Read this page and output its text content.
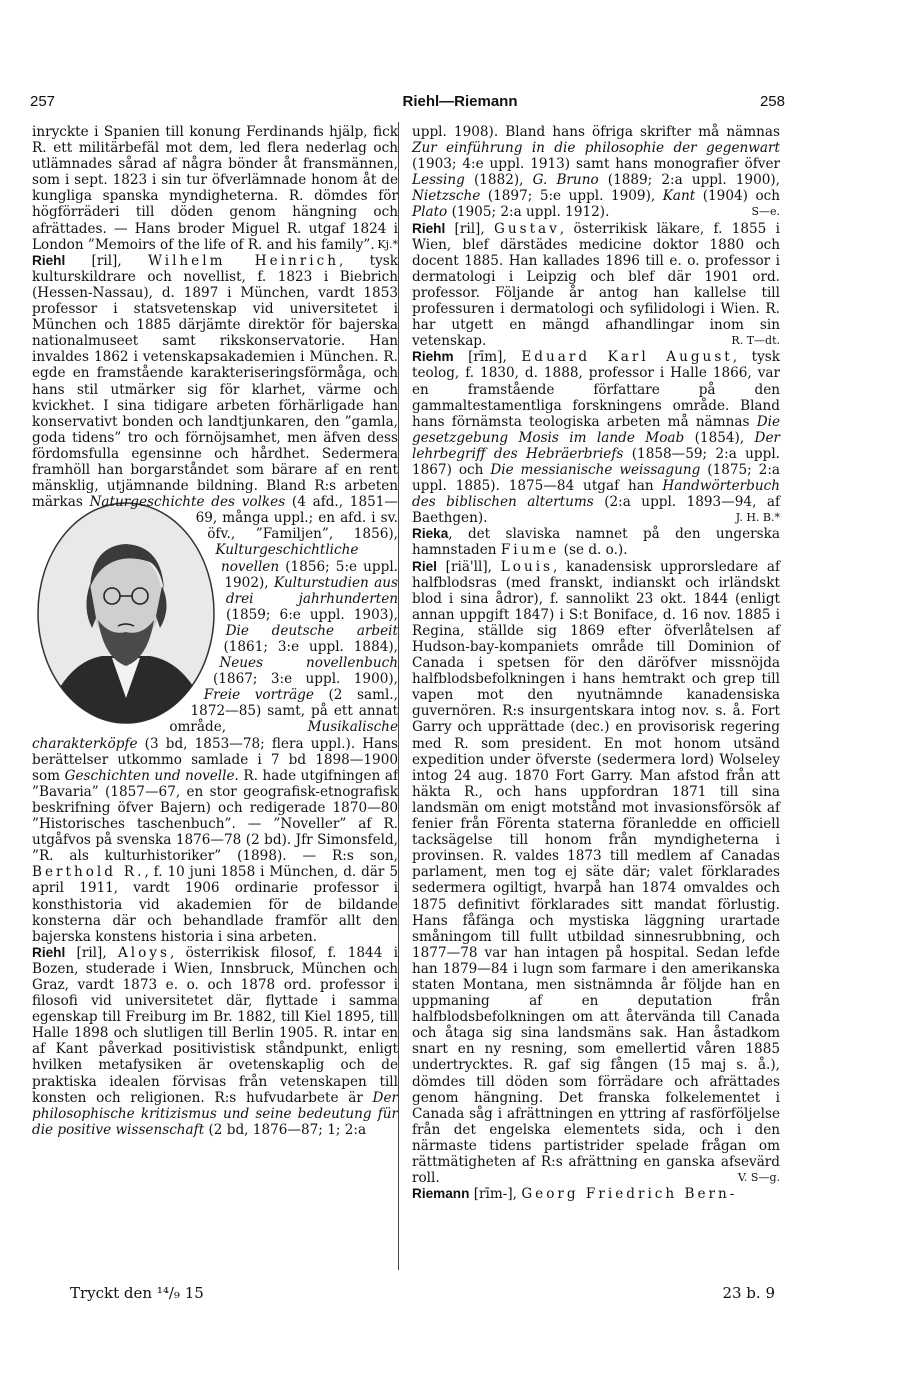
257	Riehl—Riemann	258

inryckte i Spanien till konung Ferdinands hjälp, fick R. ett militärbefäl mot dem, led flera nederlag och utlämnades sårad af några bönder åt fransmännen, som i sept. 1823 i sin tur öfverlämnade honom åt de kungliga spanska myndigheterna. R. dömdes för högförräderi till döden genom hängning och afrättades. — Hans broder Miguel R. utgaf 1824 i London ”Memoirs of the life of R. and his family”. Kj.*

Riehl [ril], Wilhelm Heinrich, tysk kulturskildrare och novellist, f. 1823 i Biebrich (Hessen-Nassau), d. 1897 i München, vardt 1853 professor i statsvetenskap vid universitetet i München och 1885 därjämte direktör för bajerska nationalmuseet samt rikskonservatorie. Han invaldes 1862 i vetenskapsakademien i München. R. egde en framstående karakteriseringsförmåga, och hans stil utmärker sig för klarhet, värme och kvickhet. I sina tidigare arbeten förhärligade han konservativt bonden och landtjunkaren, den ”gamla, goda tidens” tro och förnöjsamhet, men äfven dess fördomsfulla egensinne och hårdhet. Sedermera framhöll han borgarståndet som bärare af en rent mänsklig, utjämnande bildning. Bland R:s arbeten märkas
Naturgeschichte des volkes (4 afd., 1851—69, många uppl.; en afd. i sv. öfv., ”Familjen”, 1856), Kulturgeschichtliche novellen (1856; 5:e uppl. 1902), Kulturstudien aus drei jahrhunderten (1859; 6:e uppl. 1903), Die deutsche arbeit (1861; 3:e uppl. 1884), Neues novellenbuch (1867; 3:e uppl. 1900), Freie vorträge (2 saml., 1872—85) samt, på ett annat område, Musikalische charakterköpfe (3 bd, 1853—78; flera uppl.). Hans berättelser utkommo samlade i 7 bd 1898—1900 som Geschichten und novelle. R. hade utgifningen af ”Bavaria” (1857—67, en stor geografisk-etnografisk beskrifning öfver Bajern) och redigerade 1870—80 ”Historisches taschenbuch”. — ”Noveller” af R. utgåfvos på svenska 1876—78 (2 bd). Jfr Simonsfeld, ”R. als kulturhistoriker” (1898). — R:s son, Berthold R., f. 10 juni 1858 i München, d. där 5 april 1911, vardt 1906 ordinarie professor i konsthistoria vid akademien för de bildande konsterna där och behandlade framför allt den bajerska konstens historia i sina arbeten.

Riehl [ril], Aloys, österrikisk filosof, f. 1844 i Bozen, studerade i Wien, Innsbruck, München och Graz, vardt 1873 e. o. och 1878 ord. professor i filosofi vid universitetet där, flyttade i samma egenskap till Freiburg im Br. 1882, till Kiel 1895, till Halle 1898 och slutligen till Berlin 1905. R. intar en af Kant påverkad positivistisk ståndpunkt, enligt hvilken metafysiken är ovetenskaplig och de praktiska idealen förvisas från vetenskapen till konsten och religionen. R:s hufvudarbete är Der philosophische kritizismus und seine bedeutung für die positive wissenschaft (2 bd, 1876—87; 1; 2:a

uppl. 1908). Bland hans öfriga skrifter må nämnas Zur einführung in die philosophie der gegenwart (1903; 4:e uppl. 1913) samt hans monografier öfver Lessing (1882), G. Bruno (1889; 2:a uppl. 1900), Nietzsche (1897; 5:e uppl. 1909), Kant (1904) och Plato (1905; 2:a uppl. 1912).	S—e.

Riehl [ril], Gustav, österrikisk läkare, f. 1855 i Wien, blef därstädes medicine doktor 1880 och docent 1885. Han kallades 1896 till e. o. professor i dermatologi i Leipzig och blef där 1901 ord. professor. Följande år antog han kallelse till professuren i dermatologi och syfilidologi i Wien. R. har utgett en mängd afhandlingar inom sin vetenskap.	R. T—dt.

Riehm [rīm], Eduard Karl August, tysk teolog, f. 1830, d. 1888, professor i Halle 1866, var en framstående författare på den gammaltestamentliga forskningens område. Bland hans förnämsta teologiska arbeten må nämnas Die gesetzgebung Mosis im lande Moab (1854), Der lehrbegriff des Hebräerbriefs (1858—59; 2:a uppl. 1867) och Die messianische weissagung (1875; 2:a uppl. 1885). 1875—84 utgaf han Handwörterbuch des biblischen altertums (2:a uppl. 1893—94, af Baethgen).	J. H. B.*

Rieka, det slaviska namnet på den ungerska hamnstaden Fiume (se d. o.).

Riel [riä'll], Louis, kanadensisk upprorsledare af halfblodsras (med franskt, indianskt och irländskt blod i sina ådror), f. sannolikt 23 okt. 1844 (enligt annan uppgift 1847) i S:t Boniface, d. 16 nov. 1885 i Regina, ställde sig 1869 efter öfverlåtelsen af Hudson-bay-kompaniets område till Dominion of Canada i spetsen för den däröfver missnöjda halfblodsbefolkningen i hans hemtrakt och grep till vapen mot den nyutnämnde kanadensiska guvernören. R:s insurgentskara intog nov. s. å. Fort Garry och upprättade (dec.) en provisorisk regering med R. som president. En mot honom utsänd expedition under öfverste (sedermera lord) Wolseley intog 24 aug. 1870 Fort Garry. Man afstod från att häkta R., och hans uppfordran 1871 till sina landsmän om enigt motstånd mot invasionsförsök af fenier från Förenta staterna föranledde en officiell tacksägelse till honom från myndigheterna i provinsen. R. valdes 1873 till medlem af Canadas parlament, men tog ej säte där; valet förklarades sedermera ogiltigt, hvarpå han 1874 omvaldes och 1875 definitivt förklarades sitt mandat förlustig. Hans fåfänga och mystiska läggning urartade småningom till fullt utbildad sinnesrubbning, och 1877—78 var han intagen på hospital. Sedan lefde han 1879—84 i lugn som farmare i den amerikanska staten Montana, men sistnämnda år följde han en uppmaning af en deputation från halfblodsbefolkningen om att återvända till Canada och åtaga sig sina landsmäns sak. Han åstadkom snart en ny resning, som emellertid våren 1885 undertrycktes. R. gaf sig fången (15 maj s. å.), dömdes till döden som förrädare och afrättades genom hängning. Det franska folkelementet i Canada såg i afrättningen en yttring af rasförföljelse från det engelska elementets sida, och i den närmaste tidens partistrider spelade frågan om rättmätigheten af R:s afrättning en ganska afsevärd roll.	V. S—g.

Riemann [rīm-], Georg Friedrich Bern-

Tryckt den ¹⁴/₉ 15	23 b. 9
